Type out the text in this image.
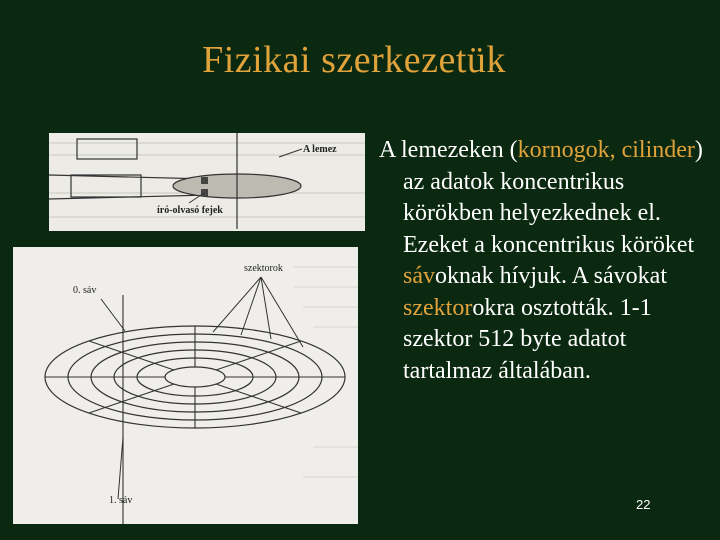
Fizikai szerkezetük
A lemez
író-olvasó fejek
szektorok
0. sáv
1. sáv

A lemezeken (kornogok, cilinder) az adatok koncentrikus körökben helyezkednek el. Ezeket a koncentrikus köröket sávoknak hívjuk. A sávokat szektorokra osztották. 1-1 szektor 512 byte adatot tartalmaz általában.

22
